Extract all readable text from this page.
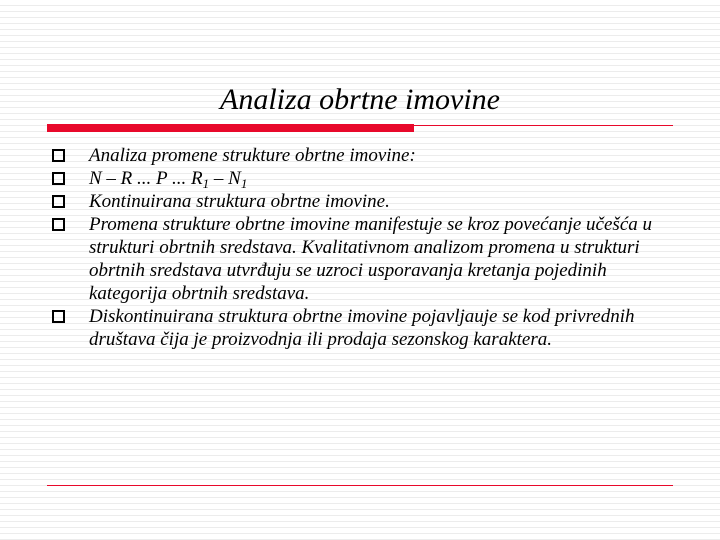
Analiza obrtne imovine
Analiza promene strukture obrtne imovine:
N – R ... P ... $R_1 - N_1$
Kontinuirana struktura obrtne imovine.
Promena strukture obrtne imovine manifestuje se kroz povećanje učešća u strukturi obrtnih sredstava. Kvalitativnom analizom promena u strukturi obrtnih sredstava utvrđuju se uzroci usporavanja kretanja pojedinih kategorija obrtnih sredstava.
Diskontinuirana struktura obrtne imovine pojavljauje se kod privrednih društava čija je proizvodnja ili prodaja sezonskog karaktera.
